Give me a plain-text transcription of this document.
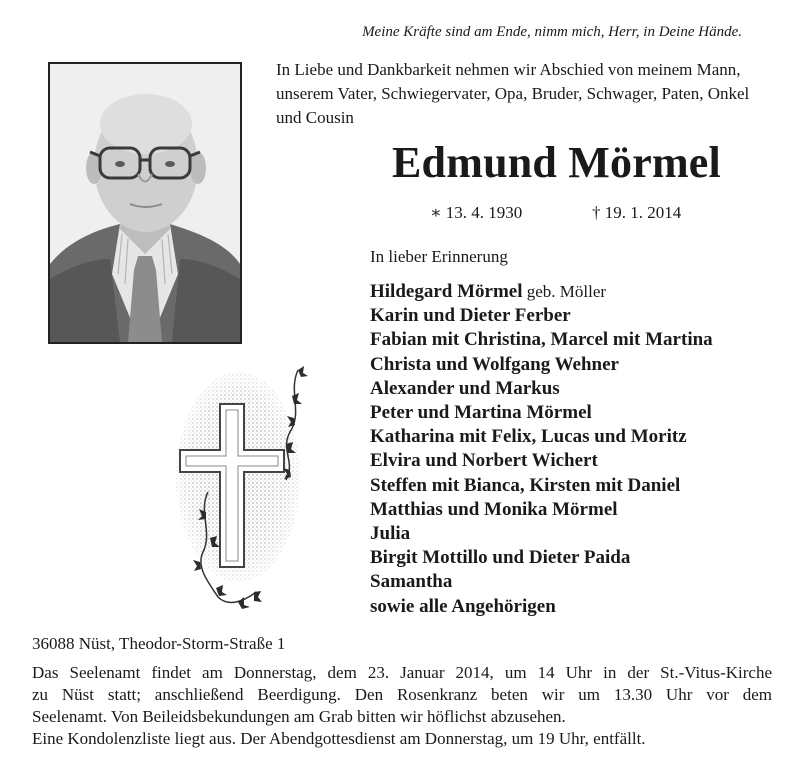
Meine Kräfte sind am Ende, nimm mich, Herr, in Deine Hände.
In Liebe und Dankbarkeit nehmen wir Abschied von meinem Mann, unserem Vater, Schwiegervater, Opa, Bruder, Schwager, Paten, Onkel und Cousin
Edmund Mörmel
∗ 13. 4. 1930	† 19. 1. 2014
In lieber Erinnerung
Hildegard Mörmel geb. Möller
Karin und Dieter Ferber
Fabian mit Christina, Marcel mit Martina
Christa und Wolfgang Wehner
Alexander und Markus
Peter und Martina Mörmel
Katharina mit Felix, Lucas und Moritz
Elvira und Norbert Wichert
Steffen mit Bianca, Kirsten mit Daniel
Matthias und Monika Mörmel
Julia
Birgit Mottillo und Dieter Paida
Samantha
sowie alle Angehörigen
36088 Nüst, Theodor-Storm-Straße 1
Das Seelenamt findet am Donnerstag, dem 23. Januar 2014, um 14 Uhr in der St.-Vitus-Kirche
zu Nüst statt; anschließend Beerdigung. Den Rosenkranz beten wir um 13.30 Uhr vor dem
Seelenamt. Von Beileidsbekundungen am Grab bitten wir höflichst abzusehen.
Eine Kondolenzliste liegt aus. Der Abendgottesdienst am Donnerstag, um 19 Uhr, entfällt.
